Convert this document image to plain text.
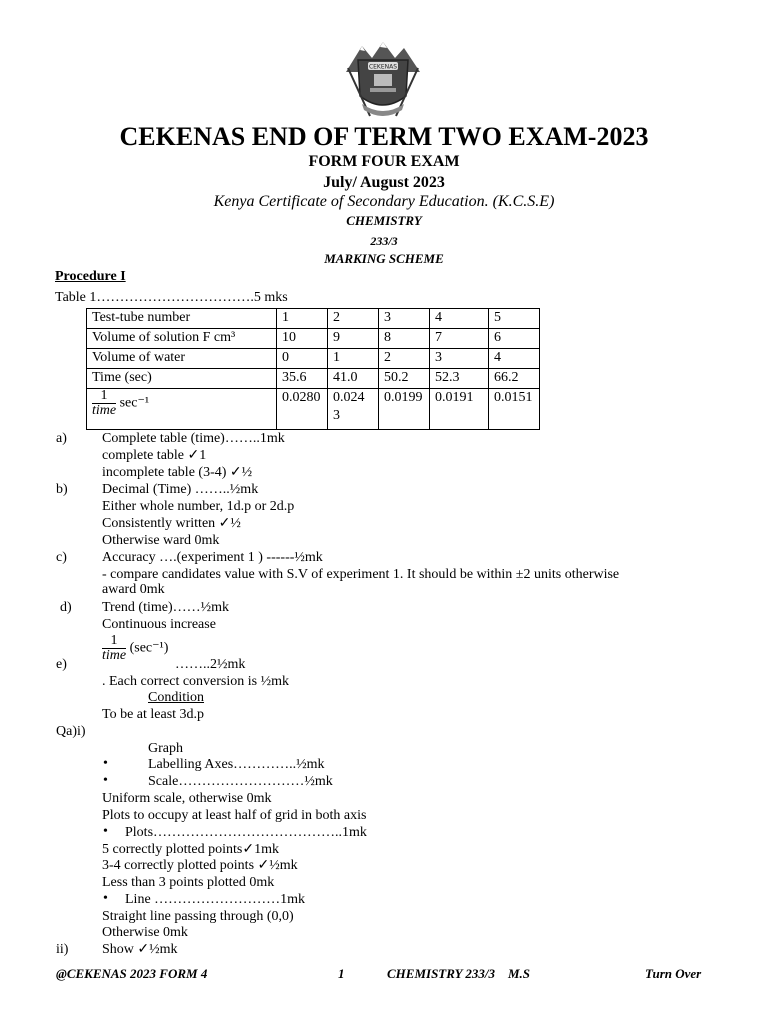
CEKENAS
CEKENAS END OF TERM TWO EXAM-2023
FORM FOUR EXAM
July/ August 2023
Kenya Certificate of Secondary Education. (K.C.S.E)
CHEMISTRY
233/3
MARKING SCHEME
Procedure I
Table 1…………………………….5 mks
Test-tube number	1	2	3	4	5
Volume of solution F cm³	10	9	8	7	6
Volume of water	0	1	2	3	4
Time (sec)	35.6	41.0	50.2	52.3	66.2

$\frac{1}{\text{time}} \sec^{-1}$	0.0280	0.024 3	0.0199	0.0191	0.0151
a)	Complete table (time)……..1mk
complete table ✓1
incomplete table (3-4) ✓½
b) Decimal (Time) ……..½mk
Either whole number, 1d.p or 2d.p
Consistently written ✓½
Otherwise ward 0mk
c)	Accuracy ….(experiment 1 ) ------½mk
- compare candidates value with S.V of experiment 1. It should be within ±2 units otherwise
award 0mk
d) Trend (time)……½mk
Continuous increase
$\frac{1}{\text{time}} (\sec^{-1})$
e)	……..2½mk
. Each correct conversion is ½mk
Condition
To be at least 3d.p
Qa)i)
Graph
•	Labelling Axes…………..½mk
•	Scale………………………½mk
Uniform scale, otherwise 0mk
Plots to occupy at least half of grid in both axis
• Plots…………………………………..1mk
5 correctly plotted points✓1mk
3-4 correctly plotted points ✓½mk
Less than 3 points plotted 0mk
• Line ………………………1mk
Straight line passing through (0,0)
Otherwise 0mk
ii) Show ✓½mk
@CEKENAS 2023 FORM 4	1	CHEMISTRY 233/3    M.S	Turn Over
